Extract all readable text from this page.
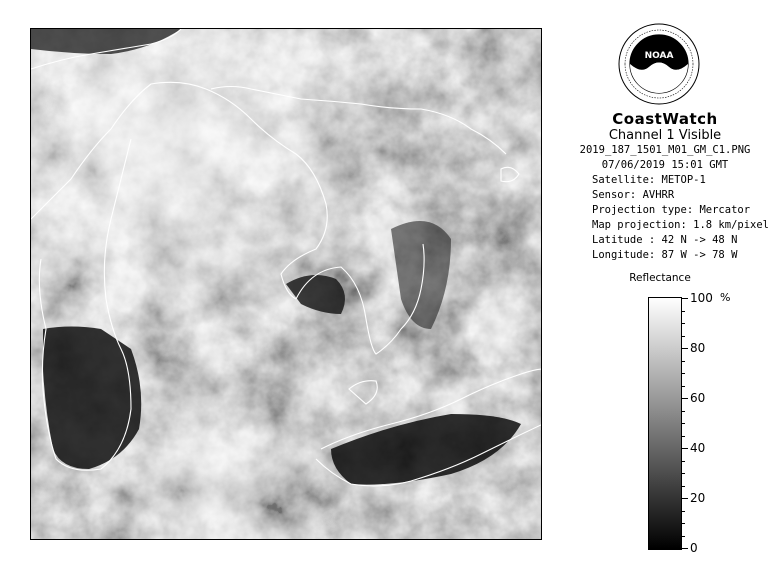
NOAA
CoastWatch
Channel 1 Visible
2019_187_1501_M01_GM_C1.PNG
07/06/2019 15:01 GMT
Satellite: METOP-1
Sensor: AVHRR
Projection type: Mercator
Map projection: 1.8 km/pixel
Latitude : 42 N -> 48 N
Longitude: 87 W -> 78 W
Reflectance
%
100
80
60
40
20
0
